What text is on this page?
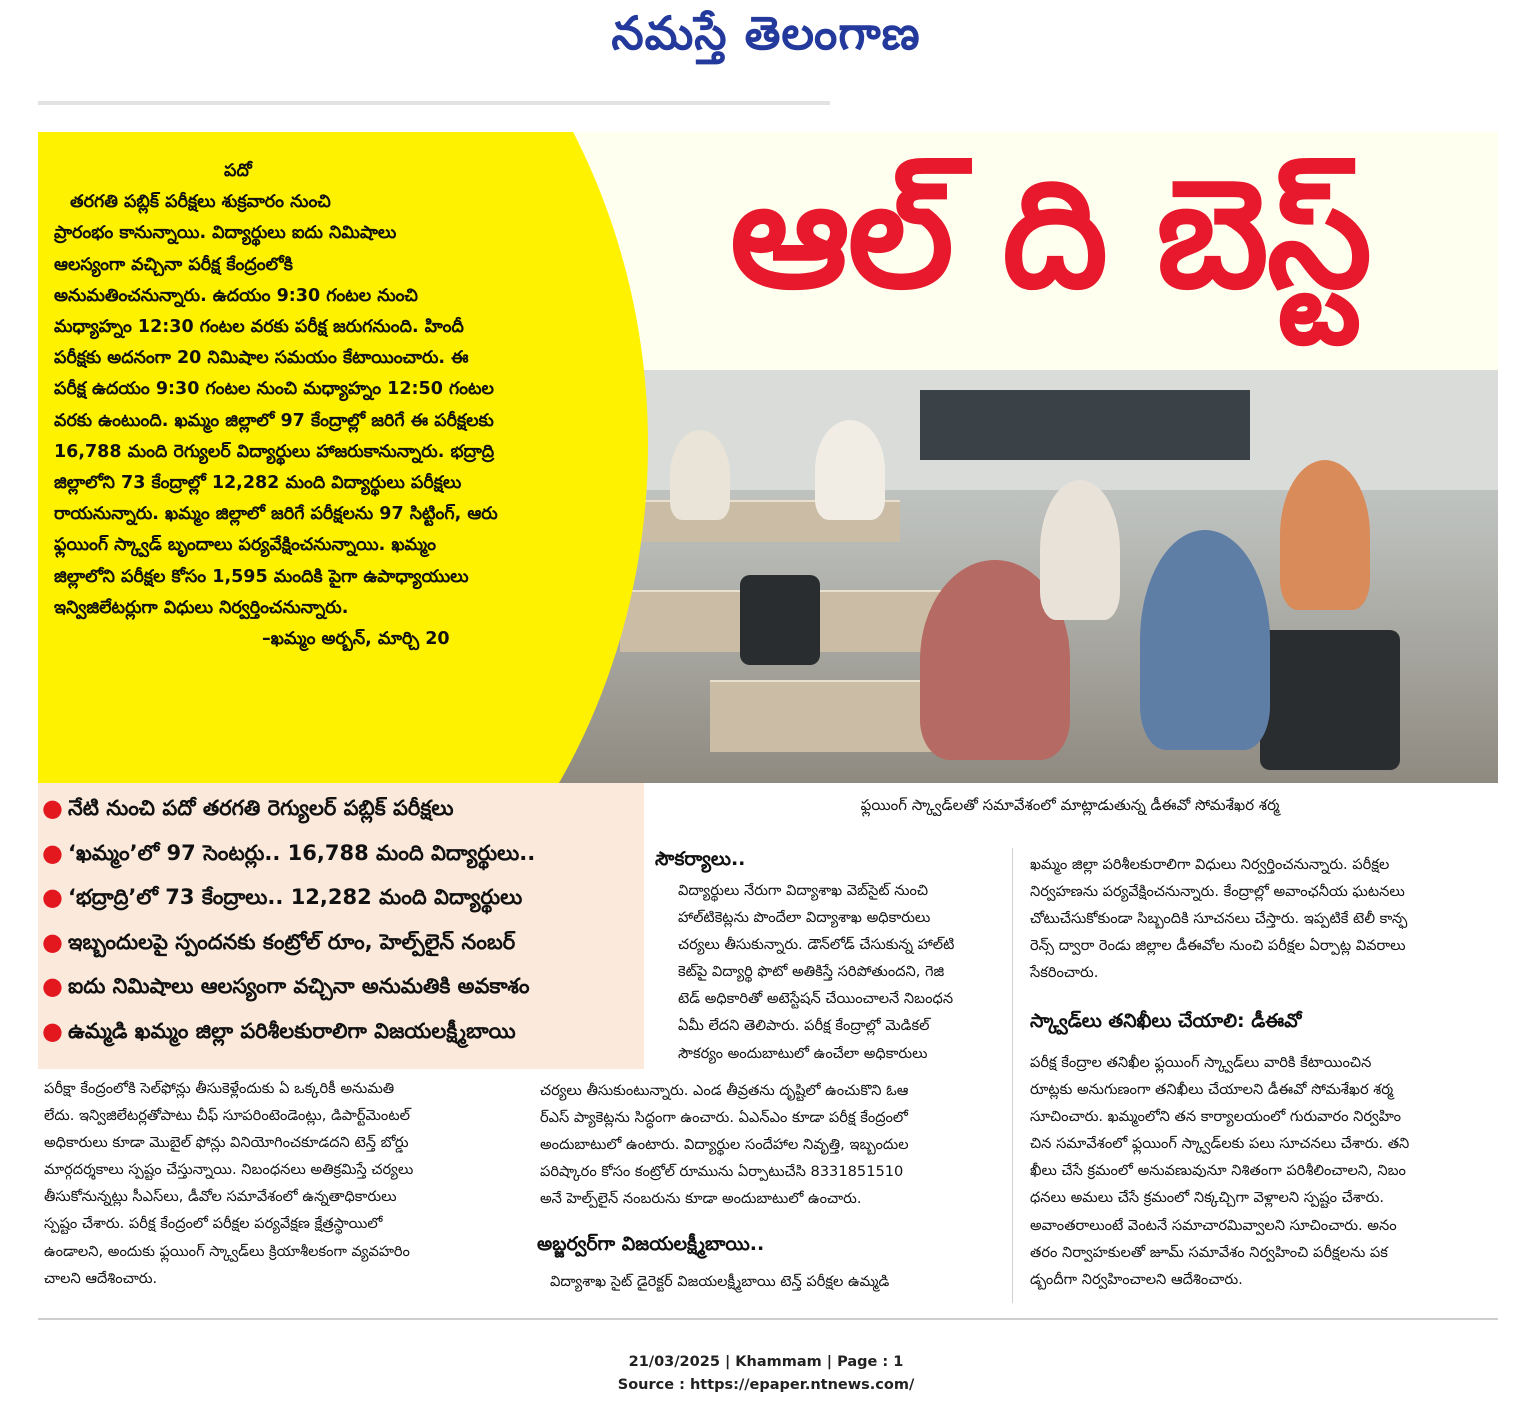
నమస్తే తెలంగాణ
ఆల్ ది బెస్ట్

పదో

తరగతి పబ్లిక్ పరీక్షలు శుక్రవారం నుంచి

ప్రారంభం కానున్నాయి. విద్యార్థులు ఐదు నిమిషాలు

ఆలస్యంగా వచ్చినా పరీక్ష కేంద్రంలోకి

అనుమతించనున్నారు. ఉదయం 9:30 గంటల నుంచి

మధ్యాహ్నం 12:30 గంటల వరకు పరీక్ష జరుగనుంది. హిందీ

పరీక్షకు అదనంగా 20 నిమిషాల సమయం కేటాయించారు. ఈ

పరీక్ష ఉదయం 9:30 గంటల నుంచి మధ్యాహ్నం 12:50 గంటల

వరకు ఉంటుంది. ఖమ్మం జిల్లాలో 97 కేంద్రాల్లో జరిగే ఈ పరీక్షలకు

16,788 మంది రెగ్యులర్ విద్యార్థులు హాజరుకానున్నారు. భద్రాద్రి

జిల్లాలోని 73 కేంద్రాల్లో 12,282 మంది విద్యార్థులు పరీక్షలు

రాయనున్నారు. ఖమ్మం జిల్లాలో జరిగే పరీక్షలను 97 సిట్టింగ్, ఆరు

ఫ్లయింగ్ స్క్వాడ్ బృందాలు పర్యవేక్షించనున్నాయి. ఖమ్మం

జిల్లాలోని పరీక్షల కోసం 1,595 మందికి పైగా ఉపాధ్యాయులు

ఇన్విజిలేటర్లుగా విధులు నిర్వర్తించనున్నారు.

–ఖమ్మం అర్బన్, మార్చి 20

● నేటి నుంచి పదో తరగతి రెగ్యులర్ పబ్లిక్ పరీక్షలు
● ‘ఖమ్మం’లో 97 సెంటర్లు.. 16,788 మంది విద్యార్థులు..
● ‘భద్రాద్రి’లో 73 కేంద్రాలు.. 12,282 మంది విద్యార్థులు
● ఇబ్బందులపై స్పందనకు కంట్రోల్ రూం, హెల్ప్‌లైన్ నంబర్
● ఐదు నిమిషాలు ఆలస్యంగా వచ్చినా అనుమతికి అవకాశం
● ఉమ్మడి ఖమ్మం జిల్లా పరిశీలకురాలిగా విజయలక్ష్మీబాయి
ఫ్లయింగ్ స్క్వాడ్‌లతో సమావేశంలో మాట్లాడుతున్న డీఈవో సోమశేఖర శర్మ

పరీక్షా కేంద్రంలోకి సెల్‌ఫోన్లు తీసుకెళ్లేందుకు ఏ ఒక్కరికీ అనుమతి

లేదు. ఇన్విజిలేటర్లతోపాటు చీఫ్ సూపరింటెండెంట్లు, డిపార్ట్‌మెంటల్

అధికారులు కూడా మొబైల్ ఫోన్లు వినియోగించకూడదని టెన్త్ బోర్డు

మార్గదర్శకాలు స్పష్టం చేస్తున్నాయి. నిబంధనలు అతిక్రమిస్తే చర్యలు

తీసుకోనున్నట్లు సీఎస్‌లు, డీవోల సమావేశంలో ఉన్నతాధికారులు

స్పష్టం చేశారు. పరీక్ష కేంద్రంలో పరీక్షల పర్యవేక్షణ క్షేత్రస్థాయిలో

ఉండాలని, అందుకు ఫ్లయింగ్ స్క్వాడ్‌లు క్రియాశీలకంగా వ్యవహరిం

చాలని ఆదేశించారు.

సౌకర్యాలు..

విద్యార్థులు నేరుగా విద్యాశాఖ వెబ్‌సైట్ నుంచి

హాల్‌టికెట్లను పొందేలా విద్యాశాఖ అధికారులు

చర్యలు తీసుకున్నారు. డౌన్‌లోడ్ చేసుకున్న హాల్‌టి

కెట్‌పై విద్యార్థి ఫొటో అతికిస్తే సరిపోతుందని, గెజి

టెడ్ అధికారితో అటెస్టేషన్ చేయించాలనే నిబంధన

ఏమీ లేదని తెలిపారు. పరీక్ష కేంద్రాల్లో మెడికల్

సౌకర్యం అందుబాటులో ఉంచేలా అధికారులు

చర్యలు తీసుకుంటున్నారు. ఎండ తీవ్రతను దృష్టిలో ఉంచుకొని ఓఆ

ర్‌ఎస్ ప్యాకెట్లను సిద్ధంగా ఉంచారు. ఏఎన్‌ఎం కూడా పరీక్ష కేంద్రంలో

అందుబాటులో ఉంటారు. విద్యార్థుల సందేహాల నివృత్తి, ఇబ్బందుల

పరిష్కారం కోసం కంట్రోల్ రూమును ఏర్పాటుచేసి 8331851510

అనే హెల్ప్‌లైన్ నంబరును కూడా అందుబాటులో ఉంచారు.

అబ్జర్వర్‌గా విజయలక్ష్మీబాయి..

విద్యాశాఖ సైట్ డైరెక్టర్ విజయలక్ష్మీబాయి టెన్త్ పరీక్షల ఉమ్మడి

ఖమ్మం జిల్లా పరిశీలకురాలిగా విధులు నిర్వర్తించనున్నారు. పరీక్షల

నిర్వహణను పర్యవేక్షించనున్నారు. కేంద్రాల్లో అవాంఛనీయ ఘటనలు

చోటుచేసుకోకుండా సిబ్బందికి సూచనలు చేస్తారు. ఇప్పటికే టెలీ కాన్ఫ

రెన్స్ ద్వారా రెండు జిల్లాల డీఈవోల నుంచి పరీక్షల ఏర్పాట్ల వివరాలు

సేకరించారు.

స్క్వాడ్‌లు తనిఖీలు చేయాలి: డీఈవో

పరీక్ష కేంద్రాల తనిఖీల ఫ్లయింగ్ స్క్వాడ్‌లు వారికి కేటాయించిన

రూట్లకు అనుగుణంగా తనిఖీలు చేయాలని డీఈవో సోమశేఖర శర్మ

సూచించారు. ఖమ్మంలోని తన కార్యాలయంలో గురువారం నిర్వహిం

చిన సమావేశంలో ఫ్లయింగ్ స్క్వాడ్‌లకు పలు సూచనలు చేశారు. తని

ఖీలు చేసే క్రమంలో అనువణువునూ నిశితంగా పరిశీలించాలని, నిబం

ధనలు అమలు చేసే క్రమంలో నిక్కచ్చిగా వెళ్లాలని స్పష్టం చేశారు.

అవాంతరాలుంటే వెంటనే సమాచారమివ్వాలని సూచించారు. అనం

తరం నిర్వాహకులతో జూమ్ సమావేశం నిర్వహించి పరీక్షలను పక

డ్బందీగా నిర్వహించాలని ఆదేశించారు.

21/03/2025 | Khammam | Page : 1
Source : https://epaper.ntnews.com/
